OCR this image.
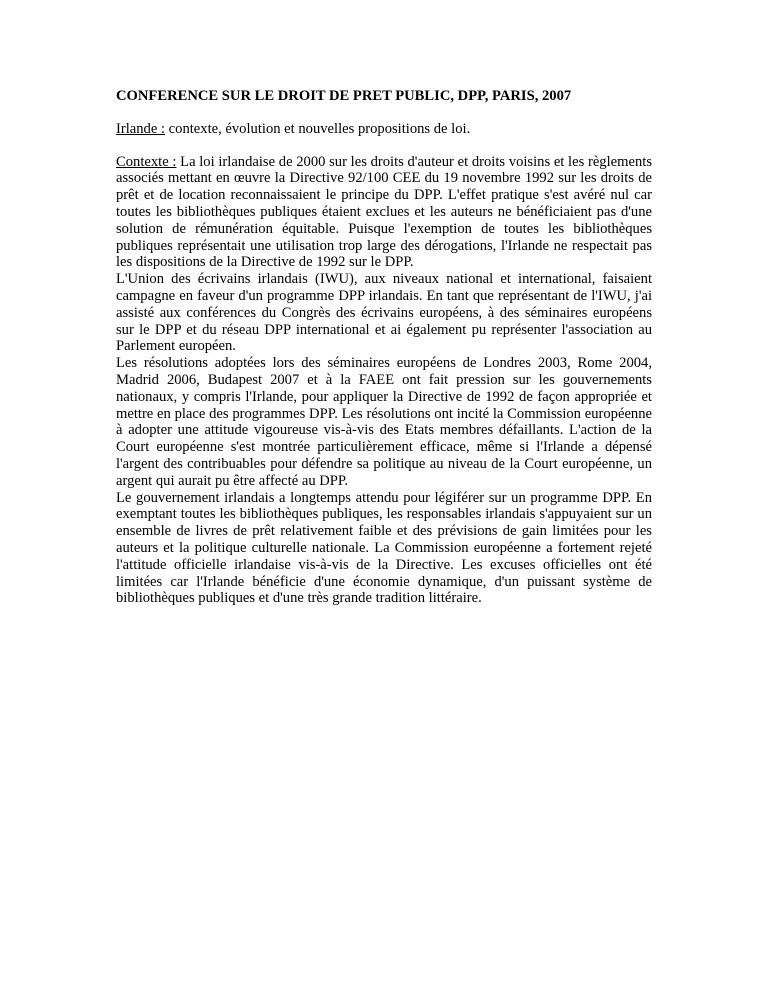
CONFERENCE SUR LE DROIT DE PRET PUBLIC, DPP, PARIS, 2007

Irlande : contexte, évolution et nouvelles propositions de loi.

Contexte : La loi irlandaise de 2000 sur les droits d'auteur et droits voisins et les règlements associés mettant en œuvre la Directive 92/100 CEE du 19 novembre 1992 sur les droits de prêt et de location reconnaissaient le principe du DPP. L'effet pratique s'est avéré nul car toutes les bibliothèques publiques étaient exclues et les auteurs ne bénéficiaient pas d'une solution de rémunération équitable. Puisque l'exemption de toutes les bibliothèques publiques représentait une utilisation trop large des dérogations, l'Irlande ne respectait pas les dispositions de la Directive de 1992 sur le DPP.

L'Union des écrivains irlandais (IWU), aux niveaux national et international, faisaient campagne en faveur d'un programme DPP irlandais. En tant que représentant de l'IWU, j'ai assisté aux conférences du Congrès des écrivains européens, à des séminaires européens sur le DPP et du réseau DPP international et ai également pu représenter l'association au Parlement européen.

Les résolutions adoptées lors des séminaires européens de Londres 2003, Rome 2004, Madrid 2006, Budapest 2007 et à la FAEE ont fait pression sur les gouvernements nationaux, y compris l'Irlande, pour appliquer la Directive de 1992 de façon appropriée et mettre en place des programmes DPP. Les résolutions ont incité la Commission européenne à adopter une attitude vigoureuse vis-à-vis des Etats membres défaillants. L'action de la Court européenne s'est montrée particulièrement efficace, même si l'Irlande a dépensé l'argent des contribuables pour défendre sa politique au niveau de la Court européenne, un argent qui aurait pu être affecté au DPP.

Le gouvernement irlandais a longtemps attendu pour légiférer sur un programme DPP. En exemptant toutes les bibliothèques publiques, les responsables irlandais s'appuyaient sur un ensemble de livres de prêt relativement faible et des prévisions de gain limitées pour les auteurs et la politique culturelle nationale. La Commission européenne a fortement rejeté l'attitude officielle irlandaise vis-à-vis de la Directive. Les excuses officielles ont été limitées car l'Irlande bénéficie d'une économie dynamique, d'un puissant système de bibliothèques publiques et d'une très grande tradition littéraire.
